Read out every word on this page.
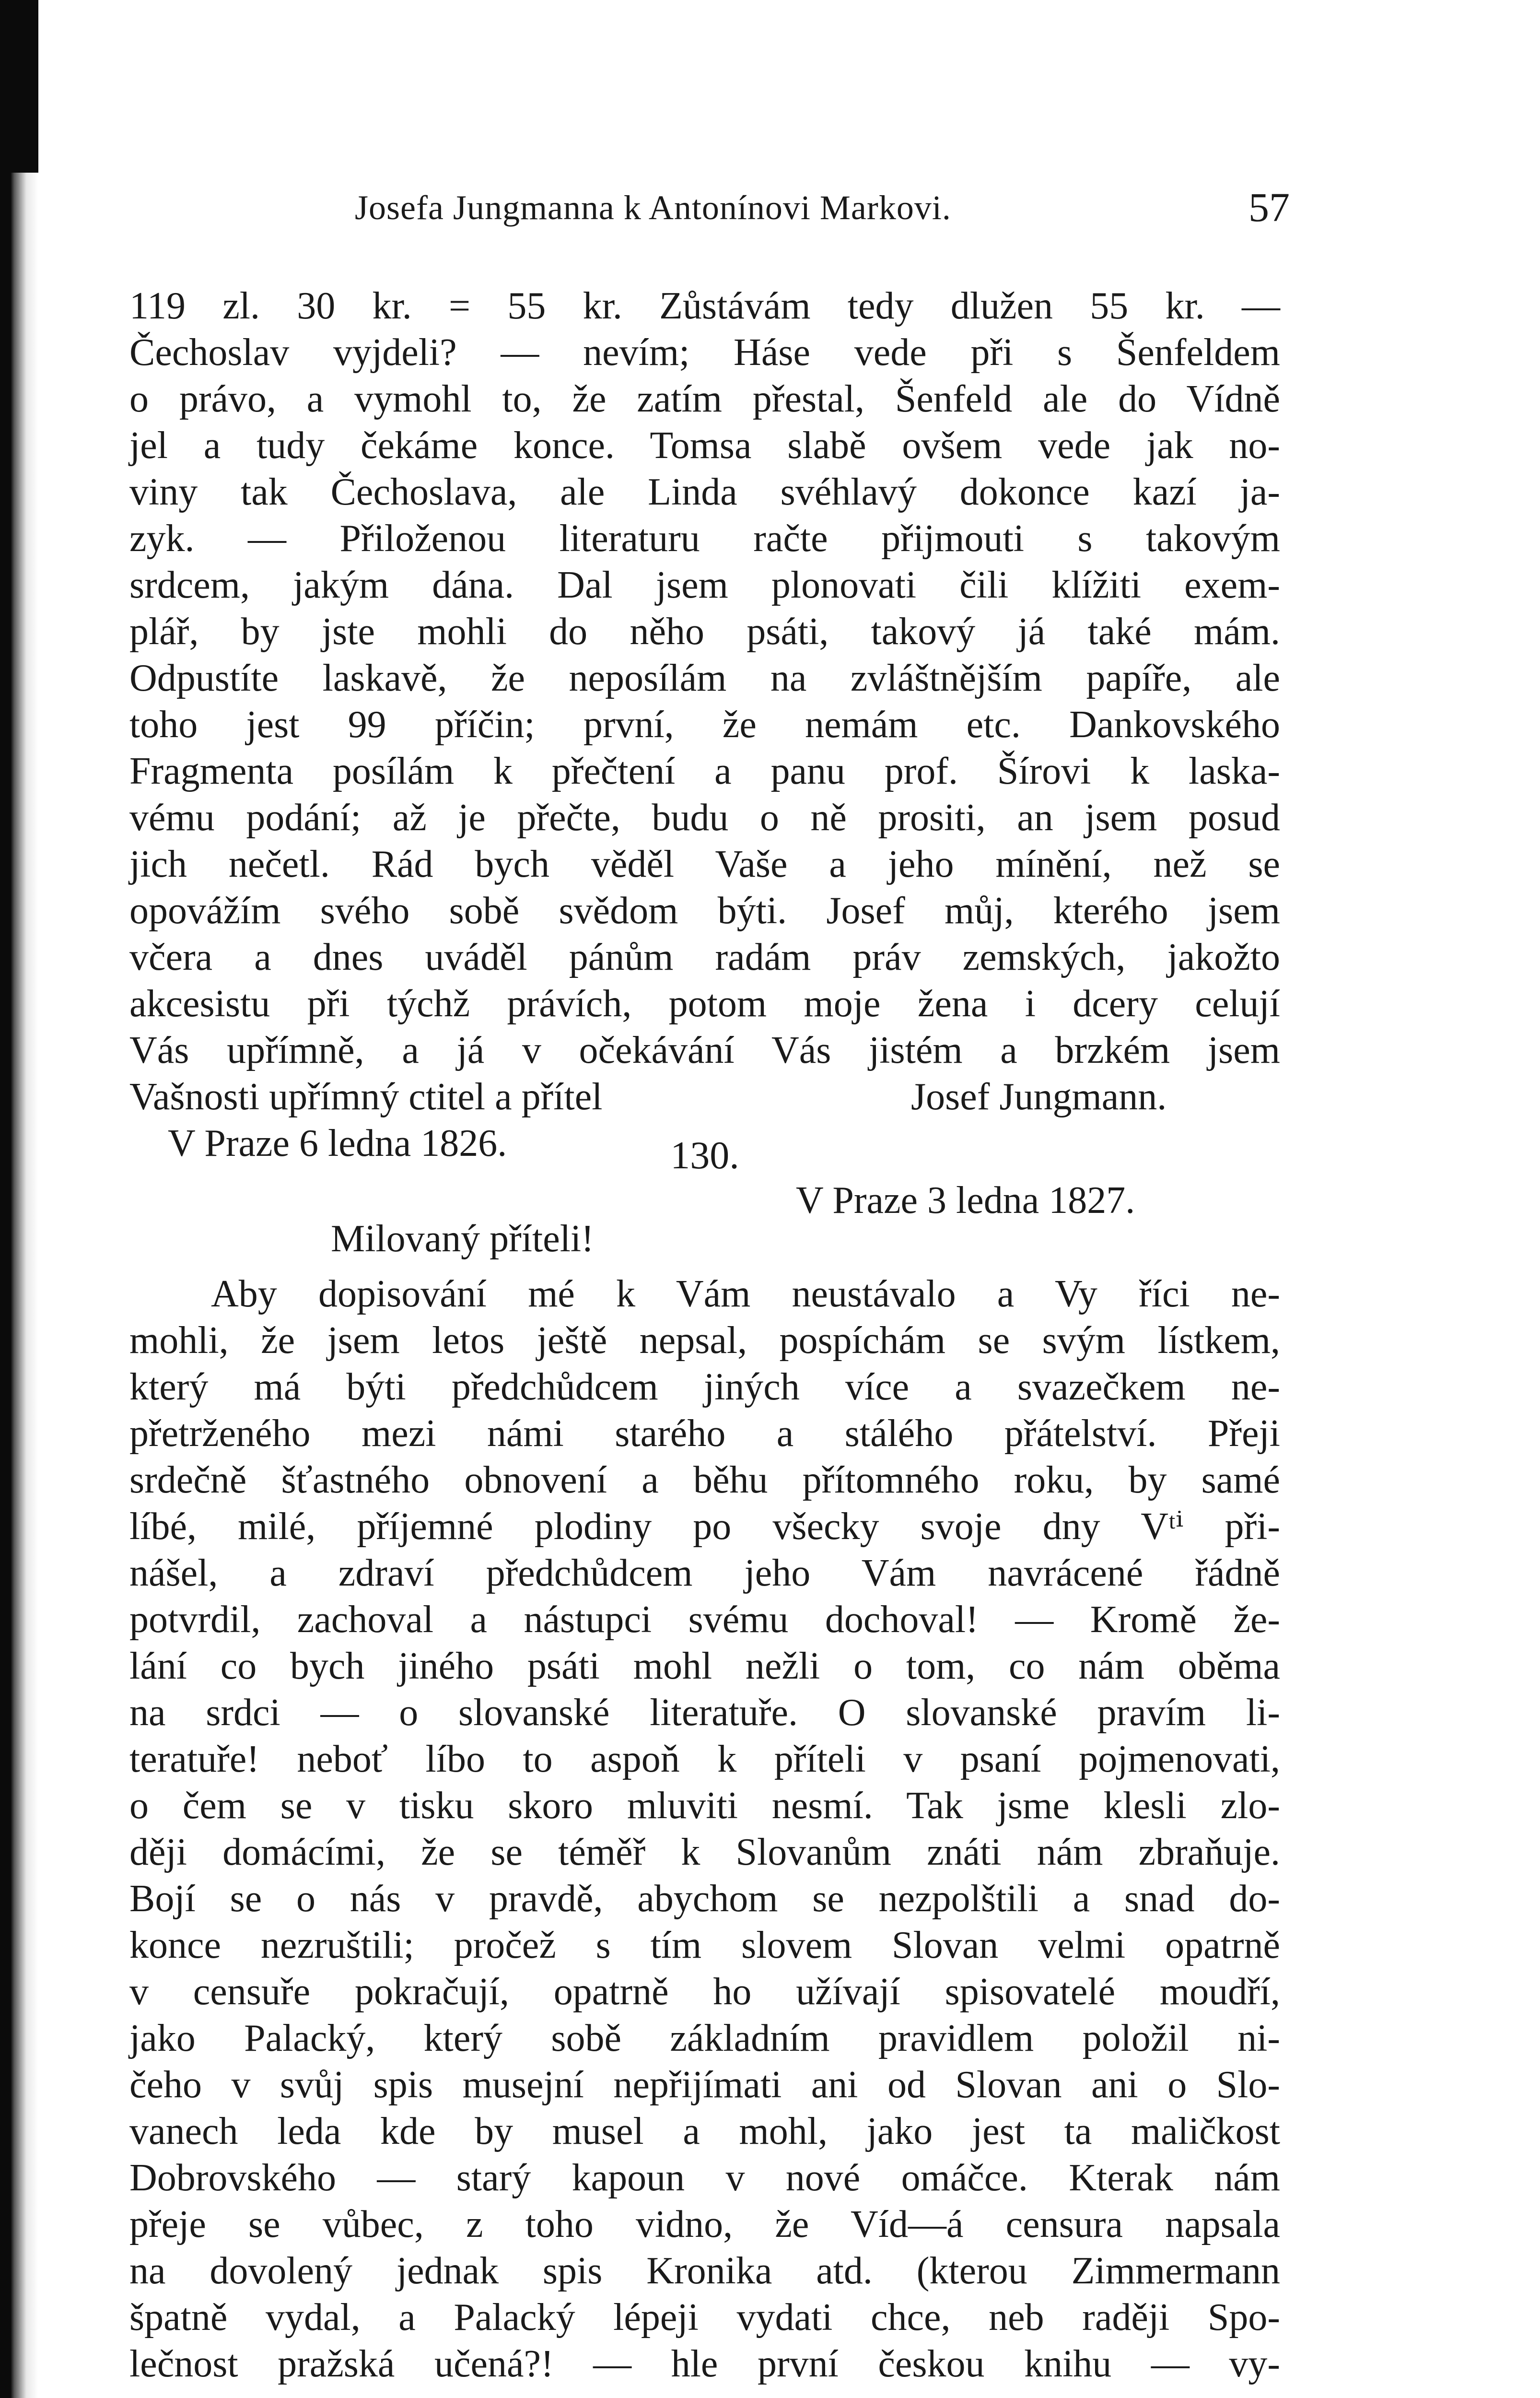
Josefa Jungmanna k Antonínovi Markovi.	57
119 zl. 30 kr. = 55 kr. Zůstávám tedy dlužen 55 kr. —
Čechoslav vyjdeli? — nevím; Háse vede při s Šenfeldem
o právo, a vymohl to, že zatím přestal, Šenfeld ale do Vídně
jel a tudy čekáme konce. Tomsa slabě ovšem vede jak no-
viny tak Čechoslava, ale Linda svéhlavý dokonce kazí ja-
zyk. — Přiloženou literaturu račte přijmouti s takovým
srdcem, jakým dána. Dal jsem plonovati čili klížiti exem-
plář, by jste mohli do něho psáti, takový já také mám.
Odpustíte laskavě, že neposílám na zvláštnějším papíře, ale
toho jest 99 příčin; první, že nemám etc. Dankovského
Fragmenta posílám k přečtení a panu prof. Šírovi k laska-
vému podání; až je přečte, budu o ně prositi, an jsem posud
jich nečetl. Rád bych věděl Vaše a jeho mínění, než se
opovážím svého sobě svědom býti. Josef můj, kterého jsem
včera a dnes uváděl pánům radám práv zemských, jakožto
akcesistu při týchž právích, potom moje žena i dcery celují
Vás upřímně, a já v očekávání Vás jistém a brzkém jsem
Vašnosti upřímný ctitel a přítel	Josef Jungmann.
V Praze 6 ledna 1826.	130.
V Praze 3 ledna 1827.
Milovaný příteli!
Aby dopisování mé k Vám neustávalo a Vy říci ne-
mohli, že jsem letos ještě nepsal, pospíchám se svým lístkem,
který má býti předchůdcem jiných více a svazečkem ne-
přetrženého mezi námi starého a stálého přátelství. Přeji
srdečně šťastného obnovení a běhu přítomného roku, by samé
líbé, milé, příjemné plodiny po všecky svoje dny Vᵗⁱ při-
nášel, a zdraví předchůdcem jeho Vám navrácené řádně
potvrdil, zachoval a nástupci svému dochoval! — Kromě že-
lání co bych jiného psáti mohl nežli o tom, co nám oběma
na srdci — o slovanské literatuře. O slovanské pravím li-
teratuře! neboť líbo to aspoň k příteli v psaní pojmenovati,
o čem se v tisku skoro mluviti nesmí. Tak jsme klesli zlo-
ději domácími, že se téměř k Slovanům znáti nám zbraňuje.
Bojí se o nás v pravdě, abychom se nezpolštili a snad do-
konce nezruštili; pročež s tím slovem Slovan velmi opatrně
v censuře pokračují, opatrně ho užívají spisovatelé moudří,
jako Palacký, který sobě základním pravidlem položil ni-
čeho v svůj spis musejní nepřijímati ani od Slovan ani o Slo-
vanech leda kde by musel a mohl, jako jest ta maličkost
Dobrovského — starý kapoun v nové omáčce. Kterak nám
přeje se vůbec, z toho vidno, že Víd—á censura napsala
na dovolený jednak spis Kronika atd. (kterou Zimmermann
špatně vydal, a Palacký lépeji vydati chce, neb raději Spo-
lečnost pražská učená?! — hle první českou knihu — vy-
